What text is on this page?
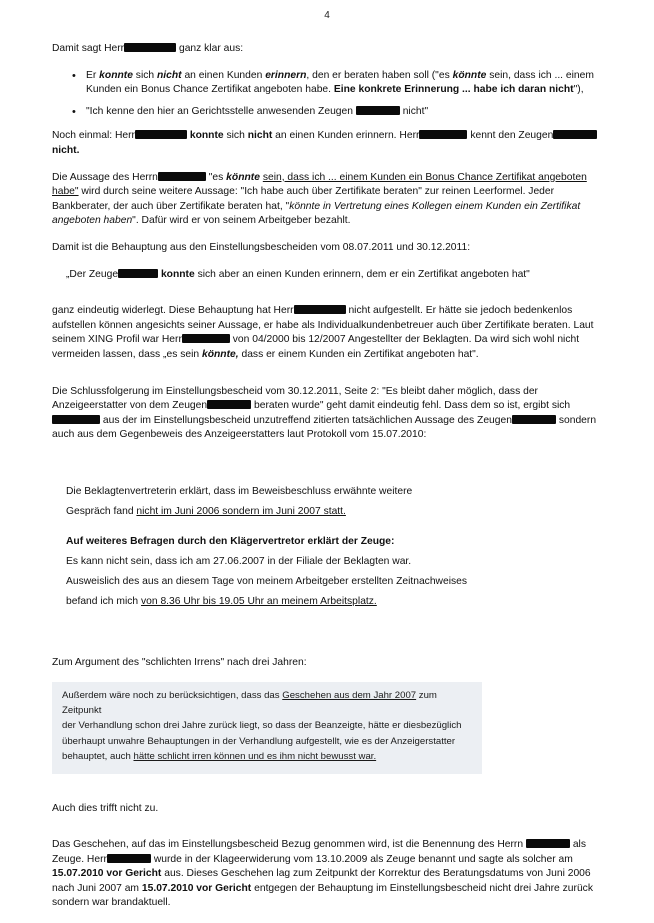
4

Damit sagt Herr	ganz klar aus:

• Er konnte sich nicht an einen Kunden erinnern, den er beraten haben soll ("es könnte sein, dass ich ... einem Kunden ein Bonus Chance Zertifikat angeboten habe. Eine konkrete Erinnerung ... habe ich daran nicht"),
• "Ich kenne den hier an Gerichtsstelle anwesenden Zeugen	nicht"

Noch einmal: Herr	konnte sich nicht an einen Kunden erinnern. Herr	kennt den Zeugen nicht.

Die Aussage des Herrn	"es könnte sein, dass ich ... einem Kunden ein Bonus Chance Zertifikat angeboten habe" wird durch seine weitere Aussage: "Ich habe auch über Zertifikate beraten" zur reinen Leerformel. Jeder Bankberater, der auch über Zertifikate beraten hat, "könnte in Vertretung eines Kollegen einem Kunden ein Zertifikat angeboten haben". Dafür wird er von seinem Arbeitgeber bezahlt.

Damit ist die Behauptung aus den Einstellungsbescheiden vom 08.07.2011 und 30.12.2011:

„Der Zeuge	konnte sich aber an einen Kunden erinnern, dem er ein Zertifikat angeboten hat"

ganz eindeutig widerlegt. Diese Behauptung hat Herr	nicht aufgestellt. Er hätte sie jedoch bedenkenlos aufstellen können angesichts seiner Aussage, er habe als Individualkundenbetreuer auch über Zertifikate beraten. Laut seinem XING Profil war Herr	von 04/2000 bis 12/2007 Angestellter der Beklagten. Da wird sich wohl nicht vermeiden lassen, dass „es sein könnte, dass er einem Kunden ein Zertifikat angeboten hat".

Die Schlussfolgerung im Einstellungsbescheid vom 30.12.2011, Seite 2: "Es bleibt daher möglich, dass der Anzeigeerstatter von dem Zeugen	beraten wurde" geht damit eindeutig fehl. Dass dem so ist, ergibt sich aus der im Einstellungsbescheid unzutreffend zitierten tatsächlichen Aussage des Zeugen	sondern auch aus dem Gegenbeweis des Anzeigeerstatters laut Protokoll vom 15.07.2010:

Die Beklagtenvertreterin erklärt, dass im Beweisbeschluss erwähnte weitere
Gespräch fand nicht im Juni 2006 sondern im Juni 2007 statt.
Auf weiteres Befragen durch den Klägervertretor erklärt der Zeuge:
Es kann nicht sein, dass ich am 27.06.2007 in der Filiale der Beklagten war.
Ausweislich des aus an diesem Tage von meinem Arbeitgeber erstellten Zeitnachweises
befand ich mich von 8.36 Uhr bis 19.05 Uhr an meinem Arbeitsplatz.

Zum Argument des "schlichten Irrens" nach drei Jahren:

Außerdem wäre noch zu berücksichtigen, dass das Geschehen aus dem Jahr 2007 zum Zeitpunkt
der Verhandlung schon drei Jahre zurück liegt, so dass der Beanzeigte, hätte er diesbezüglich
überhaupt unwahre Behauptungen in der Verhandlung aufgestellt, wie es der Anzeigerstatter
behauptet, auch hätte schlicht irren können und es ihm nicht bewusst war.

Auch dies trifft nicht zu.

Das Geschehen, auf das im Einstellungsbescheid Bezug genommen wird, ist die Benennung des Herrn	als Zeuge. Herr	wurde in der Klageerwiderung vom 13.10.2009 als Zeuge benannt und sagte als solcher am 15.07.2010 vor Gericht aus. Dieses Geschehen lag zum Zeitpunkt der Korrektur des Beratungsdatums von Juni 2006 nach Juni 2007 am 15.07.2010 vor Gericht entgegen der Behauptung im Einstellungsbescheid nicht drei Jahre zurück sondern war brandaktuell.
